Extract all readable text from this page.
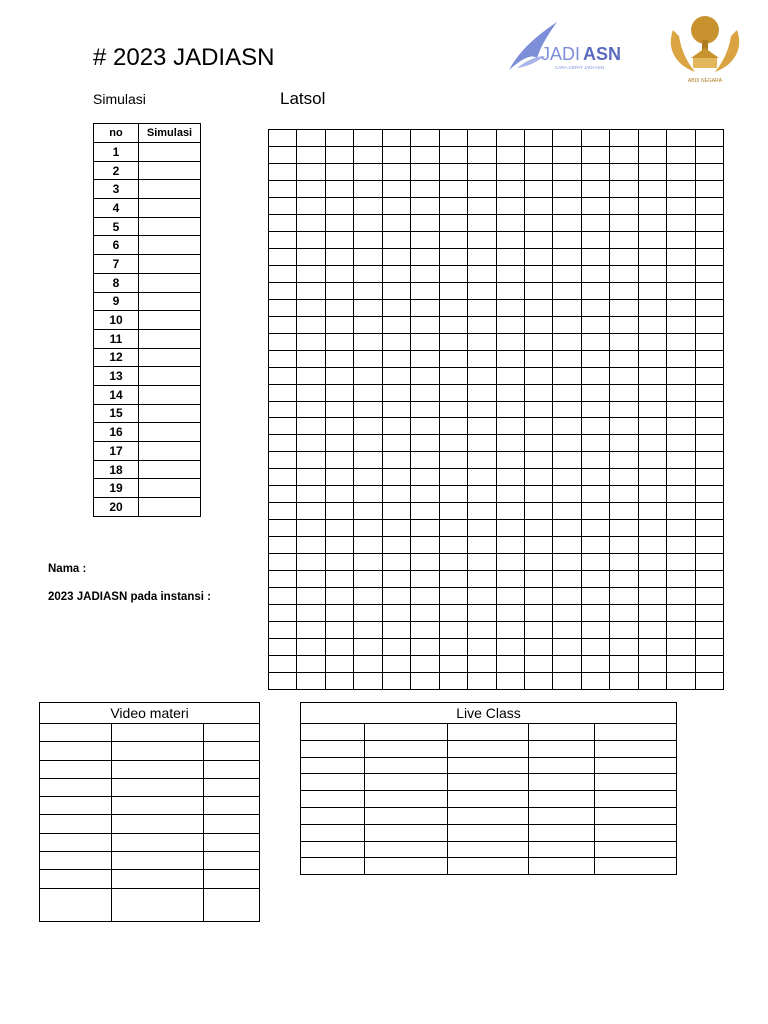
# 2023 JADIASN	JADI ASN
CARA CEPAT JADI ASN
ABDI NEGARA
Simulasi	Latsol
no	Simulasi
1	
2	
3	
4	
5	
6	
7	
8	
9	
10	
11	
12	
13	
14	
15	
16	
17	
18	
19	
20	

Nama :
2023 JADIASN pada instansi :
Video materi		

			Live Class				
